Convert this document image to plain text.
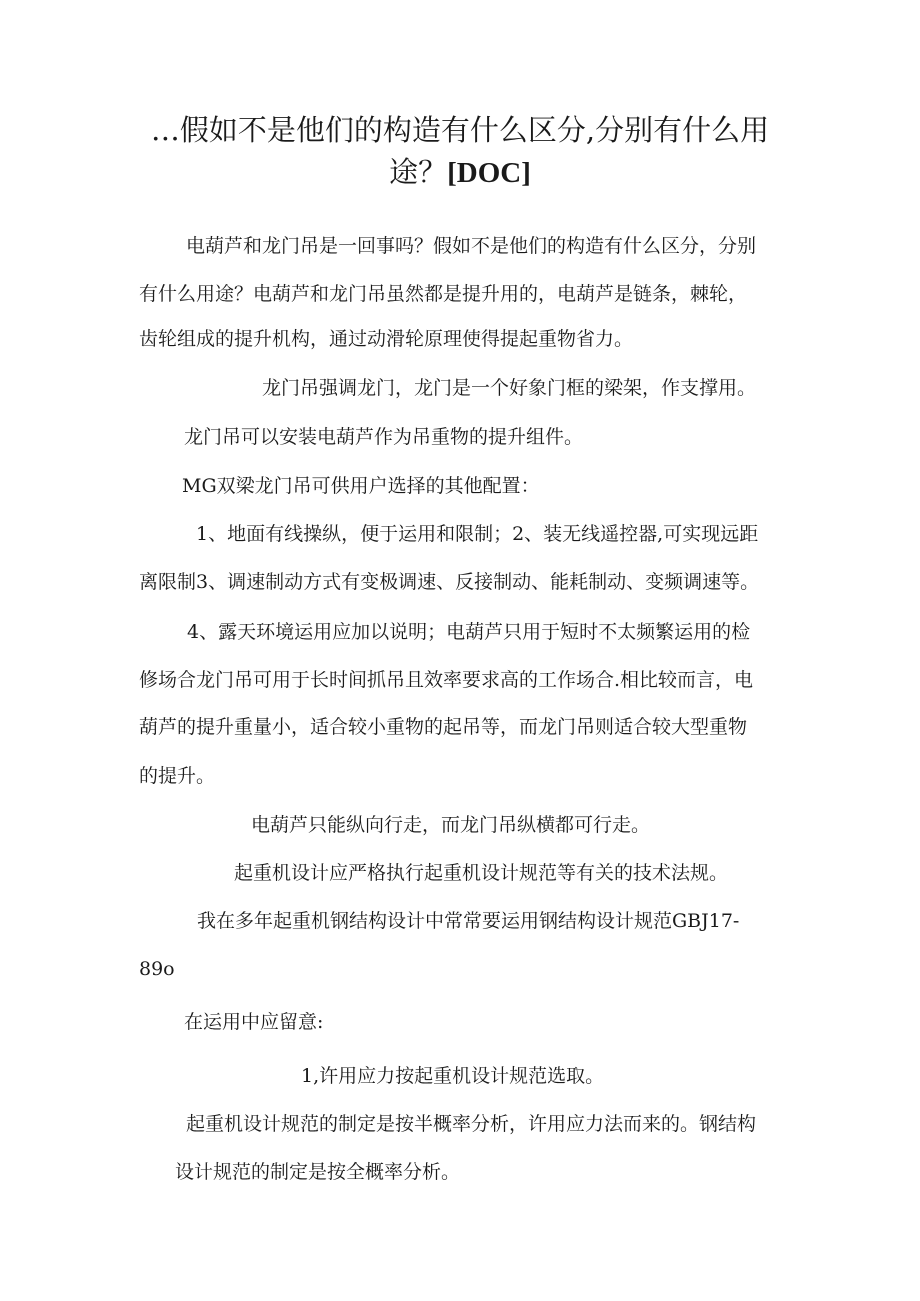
…假如不是他们的构造有什么区分,分别有什么用
途？[DOC]

电葫芦和龙门吊是一回事吗？假如不是他们的构造有什么区分，分别

有什么用途？电葫芦和龙门吊虽然都是提升用的，电葫芦是链条，棘轮，

齿轮组成的提升机构，通过动滑轮原理使得提起重物省力。

龙门吊强调龙门，龙门是一个好象门框的梁架，作支撑用。

龙门吊可以安装电葫芦作为吊重物的提升组件。

MG双梁龙门吊可供用户选择的其他配置：

1、地面有线操纵，便于运用和限制；2、装无线遥控器,可实现远距

离限制3、调速制动方式有变极调速、反接制动、能耗制动、变频调速等。

4、露天环境运用应加以说明；电葫芦只用于短时不太频繁运用的检

修场合龙门吊可用于长时间抓吊且效率要求高的工作场合.相比较而言，电

葫芦的提升重量小，适合较小重物的起吊等，而龙门吊则适合较大型重物

的提升。

电葫芦只能纵向行走，而龙门吊纵横都可行走。

起重机设计应严格执行起重机设计规范等有关的技术法规。

我在多年起重机钢结构设计中常常要运用钢结构设计规范GBJ17-

89o

在运用中应留意:

1,许用应力按起重机设计规范选取。

起重机设计规范的制定是按半概率分析，许用应力法而来的。钢结构

设计规范的制定是按全概率分析。
